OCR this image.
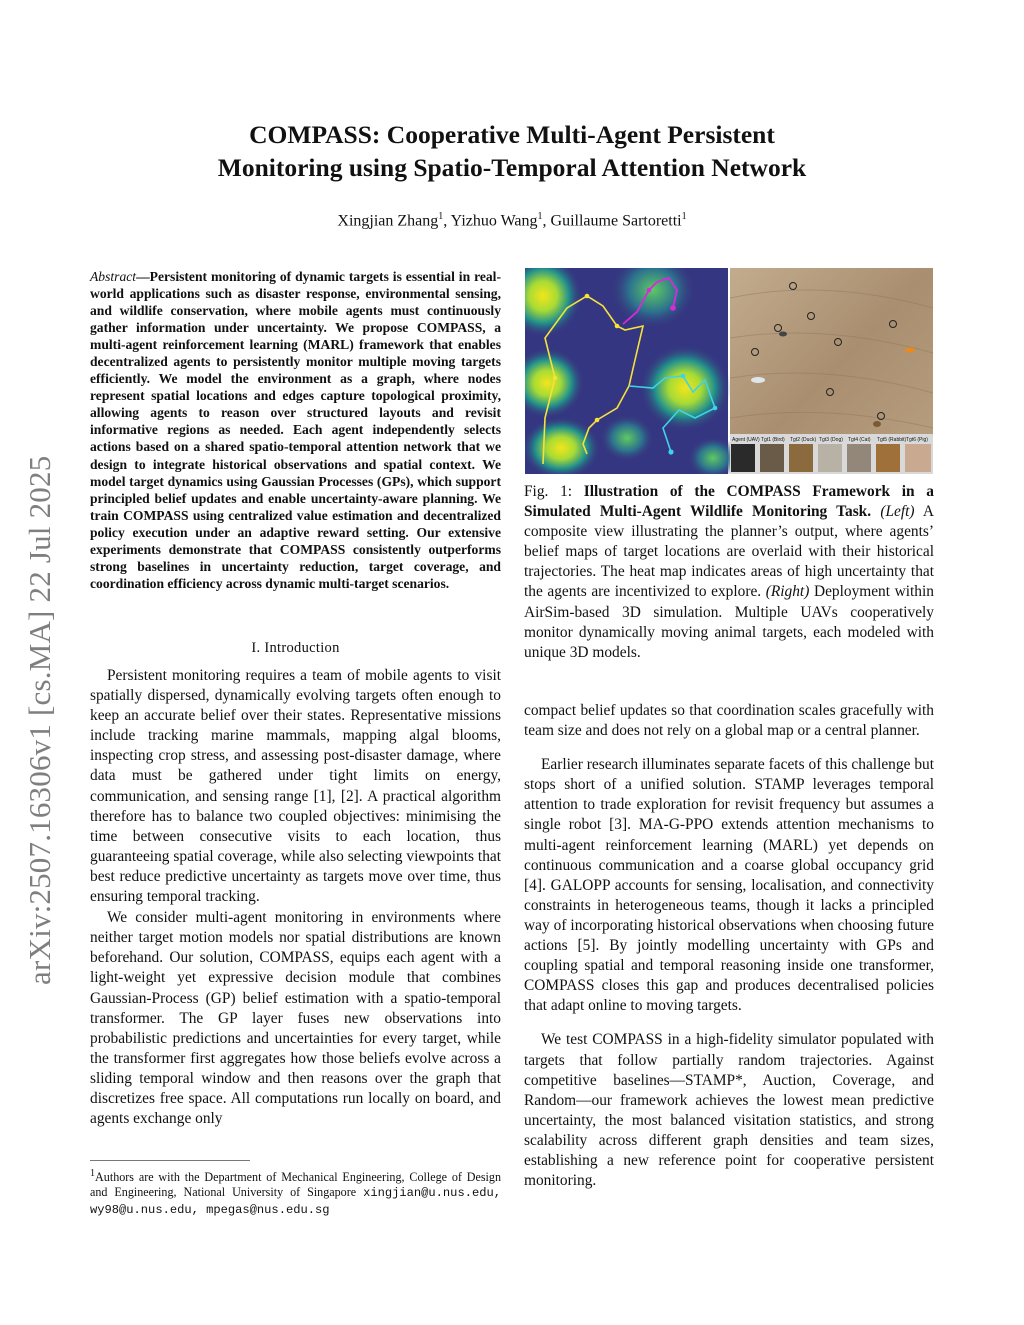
arXiv:2507.16306v1 [cs.MA] 22 Jul 2025
COMPASS: Cooperative Multi-Agent Persistent
Monitoring using Spatio-Temporal Attention Network
Xingjian Zhang$^1$, Yizhuo Wang$^1$, Guillaume Sartoretti$^1$

Abstract—Persistent monitoring of dynamic targets is essential in real-world applications such as disaster response, environmental sensing, and wildlife conservation, where mobile agents must continuously gather information under uncertainty. We propose COMPASS, a multi-agent reinforcement learning (MARL) framework that enables decentralized agents to persistently monitor multiple moving targets efficiently. We model the environment as a graph, where nodes represent spatial locations and edges capture topological proximity, allowing agents to reason over structured layouts and revisit informative regions as needed. Each agent independently selects actions based on a shared spatio-temporal attention network that we design to integrate historical observations and spatial context. We model target dynamics using Gaussian Processes (GPs), which support principled belief updates and enable uncertainty-aware planning. We train COMPASS using centralized value estimation and decentralized policy execution under an adaptive reward setting. Our extensive experiments demonstrate that COMPASS consistently outperforms strong baselines in uncertainty reduction, target coverage, and coordination efficiency across dynamic multi-target scenarios.

I. Introduction

Persistent monitoring requires a team of mobile agents to visit spatially dispersed, dynamically evolving targets often enough to keep an accurate belief over their states. Representative missions include tracking marine mammals, mapping algal blooms, inspecting crop stress, and assessing post-disaster damage, where data must be gathered under tight limits on energy, communication, and sensing range [1], [2]. A practical algorithm therefore has to balance two coupled objectives: minimising the time between consecutive visits to each location, thus guaranteeing spatial coverage, while also selecting viewpoints that best reduce predictive uncertainty as targets move over time, thus ensuring temporal tracking.

We consider multi-agent monitoring in environments where neither target motion models nor spatial distributions are known beforehand. Our solution, COMPASS, equips each agent with a light-weight yet expressive decision module that combines Gaussian-Process (GP) belief estimation with a spatio-temporal transformer. The GP layer fuses new observations into probabilistic predictions and uncertainties for every target, while the transformer first aggregates how those beliefs evolve across a sliding temporal window and then reasons over the graph that discretizes free space. All computations run locally on board, and agents exchange only

$^1$Authors are with the Department of Mechanical Engineering, College of Design and Engineering, National University of Singapore xingjian@u.nus.edu, wy98@u.nus.edu, mpegas@nus.edu.sg
Agent (UAV) Tgt1 (Bird) Tgt2 (Duck) Tgt3 (Dog) Tgt4 (Cat) Tgt5 (Rabbit) Tgt6 (Pig)

Fig. 1: Illustration of the COMPASS Framework in a Simulated Multi-Agent Wildlife Monitoring Task. (Left) A composite view illustrating the planner’s output, where agents’ belief maps of target locations are overlaid with their historical trajectories. The heat map indicates areas of high uncertainty that the agents are incentivized to explore. (Right) Deployment within AirSim-based 3D simulation. Multiple UAVs cooperatively monitor dynamically moving animal targets, each modeled with unique 3D models.

compact belief updates so that coordination scales gracefully with team size and does not rely on a global map or a central planner.

Earlier research illuminates separate facets of this challenge but stops short of a unified solution. STAMP leverages temporal attention to trade exploration for revisit frequency but assumes a single robot [3]. MA-G-PPO extends attention mechanisms to multi-agent reinforcement learning (MARL) yet depends on continuous communication and a coarse global occupancy grid [4]. GALOPP accounts for sensing, localisation, and connectivity constraints in heterogeneous teams, though it lacks a principled way of incorporating historical observations when choosing future actions [5]. By jointly modelling uncertainty with GPs and coupling spatial and temporal reasoning inside one transformer, COMPASS closes this gap and produces decentralised policies that adapt online to moving targets.

We test COMPASS in a high-fidelity simulator populated with targets that follow partially random trajectories. Against competitive baselines—STAMP*, Auction, Coverage, and Random—our framework achieves the lowest mean predictive uncertainty, the most balanced visitation statistics, and strong scalability across different graph densities and team sizes, establishing a new reference point for cooperative persistent monitoring.
